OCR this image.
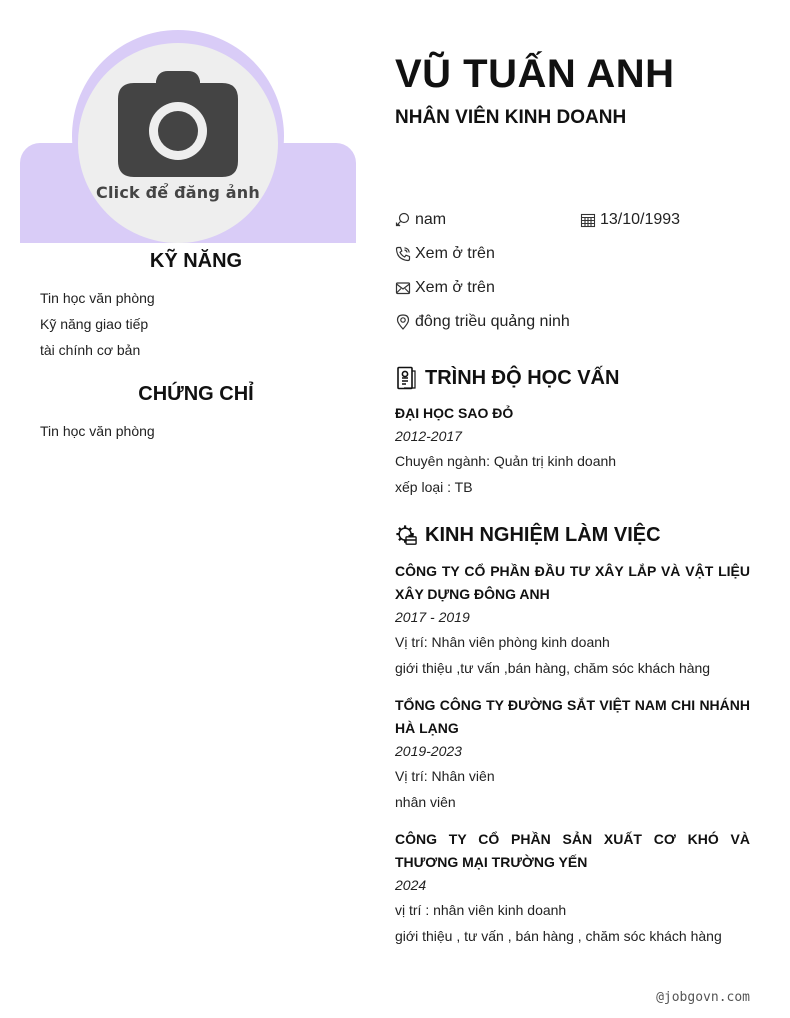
Click để đăng ảnh
KỸ NĂNG
Tin học văn phòng
Kỹ năng giao tiếp
tài chính cơ bản
CHỨNG CHỈ
Tin học văn phòng
VŨ TUẤN ANH
NHÂN VIÊN KINH DOANH
nam	13/10/1993
Xem ở trên
Xem ở trên
đông triều quảng ninh
TRÌNH ĐỘ HỌC VẤN
ĐẠI HỌC SAO ĐỎ
2012-2017
Chuyên ngành: Quản trị kinh doanh
xếp loại : TB
KINH NGHIỆM LÀM VIỆC
CÔNG TY CỔ PHẦN ĐẦU TƯ XÂY LẮP VÀ VẬT LIỆU XÂY DỰNG ĐÔNG ANH
2017 - 2019
Vị trí: Nhân viên phòng kinh doanh
giới thiệu ,tư vấn ,bán hàng, chăm sóc khách hàng
TỔNG CÔNG TY ĐƯỜNG SẮT VIỆT NAM CHI NHÁNH HÀ LẠNG
2019-2023
Vị trí: Nhân viên
nhân viên
CÔNG TY CỔ PHẦN SẢN XUẤT CƠ KHÓ VÀ THƯƠNG MẠI TRƯỜNG YẾN
2024
vị trí : nhân viên kinh doanh
giới thiệu , tư vấn , bán hàng , chăm sóc khách hàng
@jobgovn.com
